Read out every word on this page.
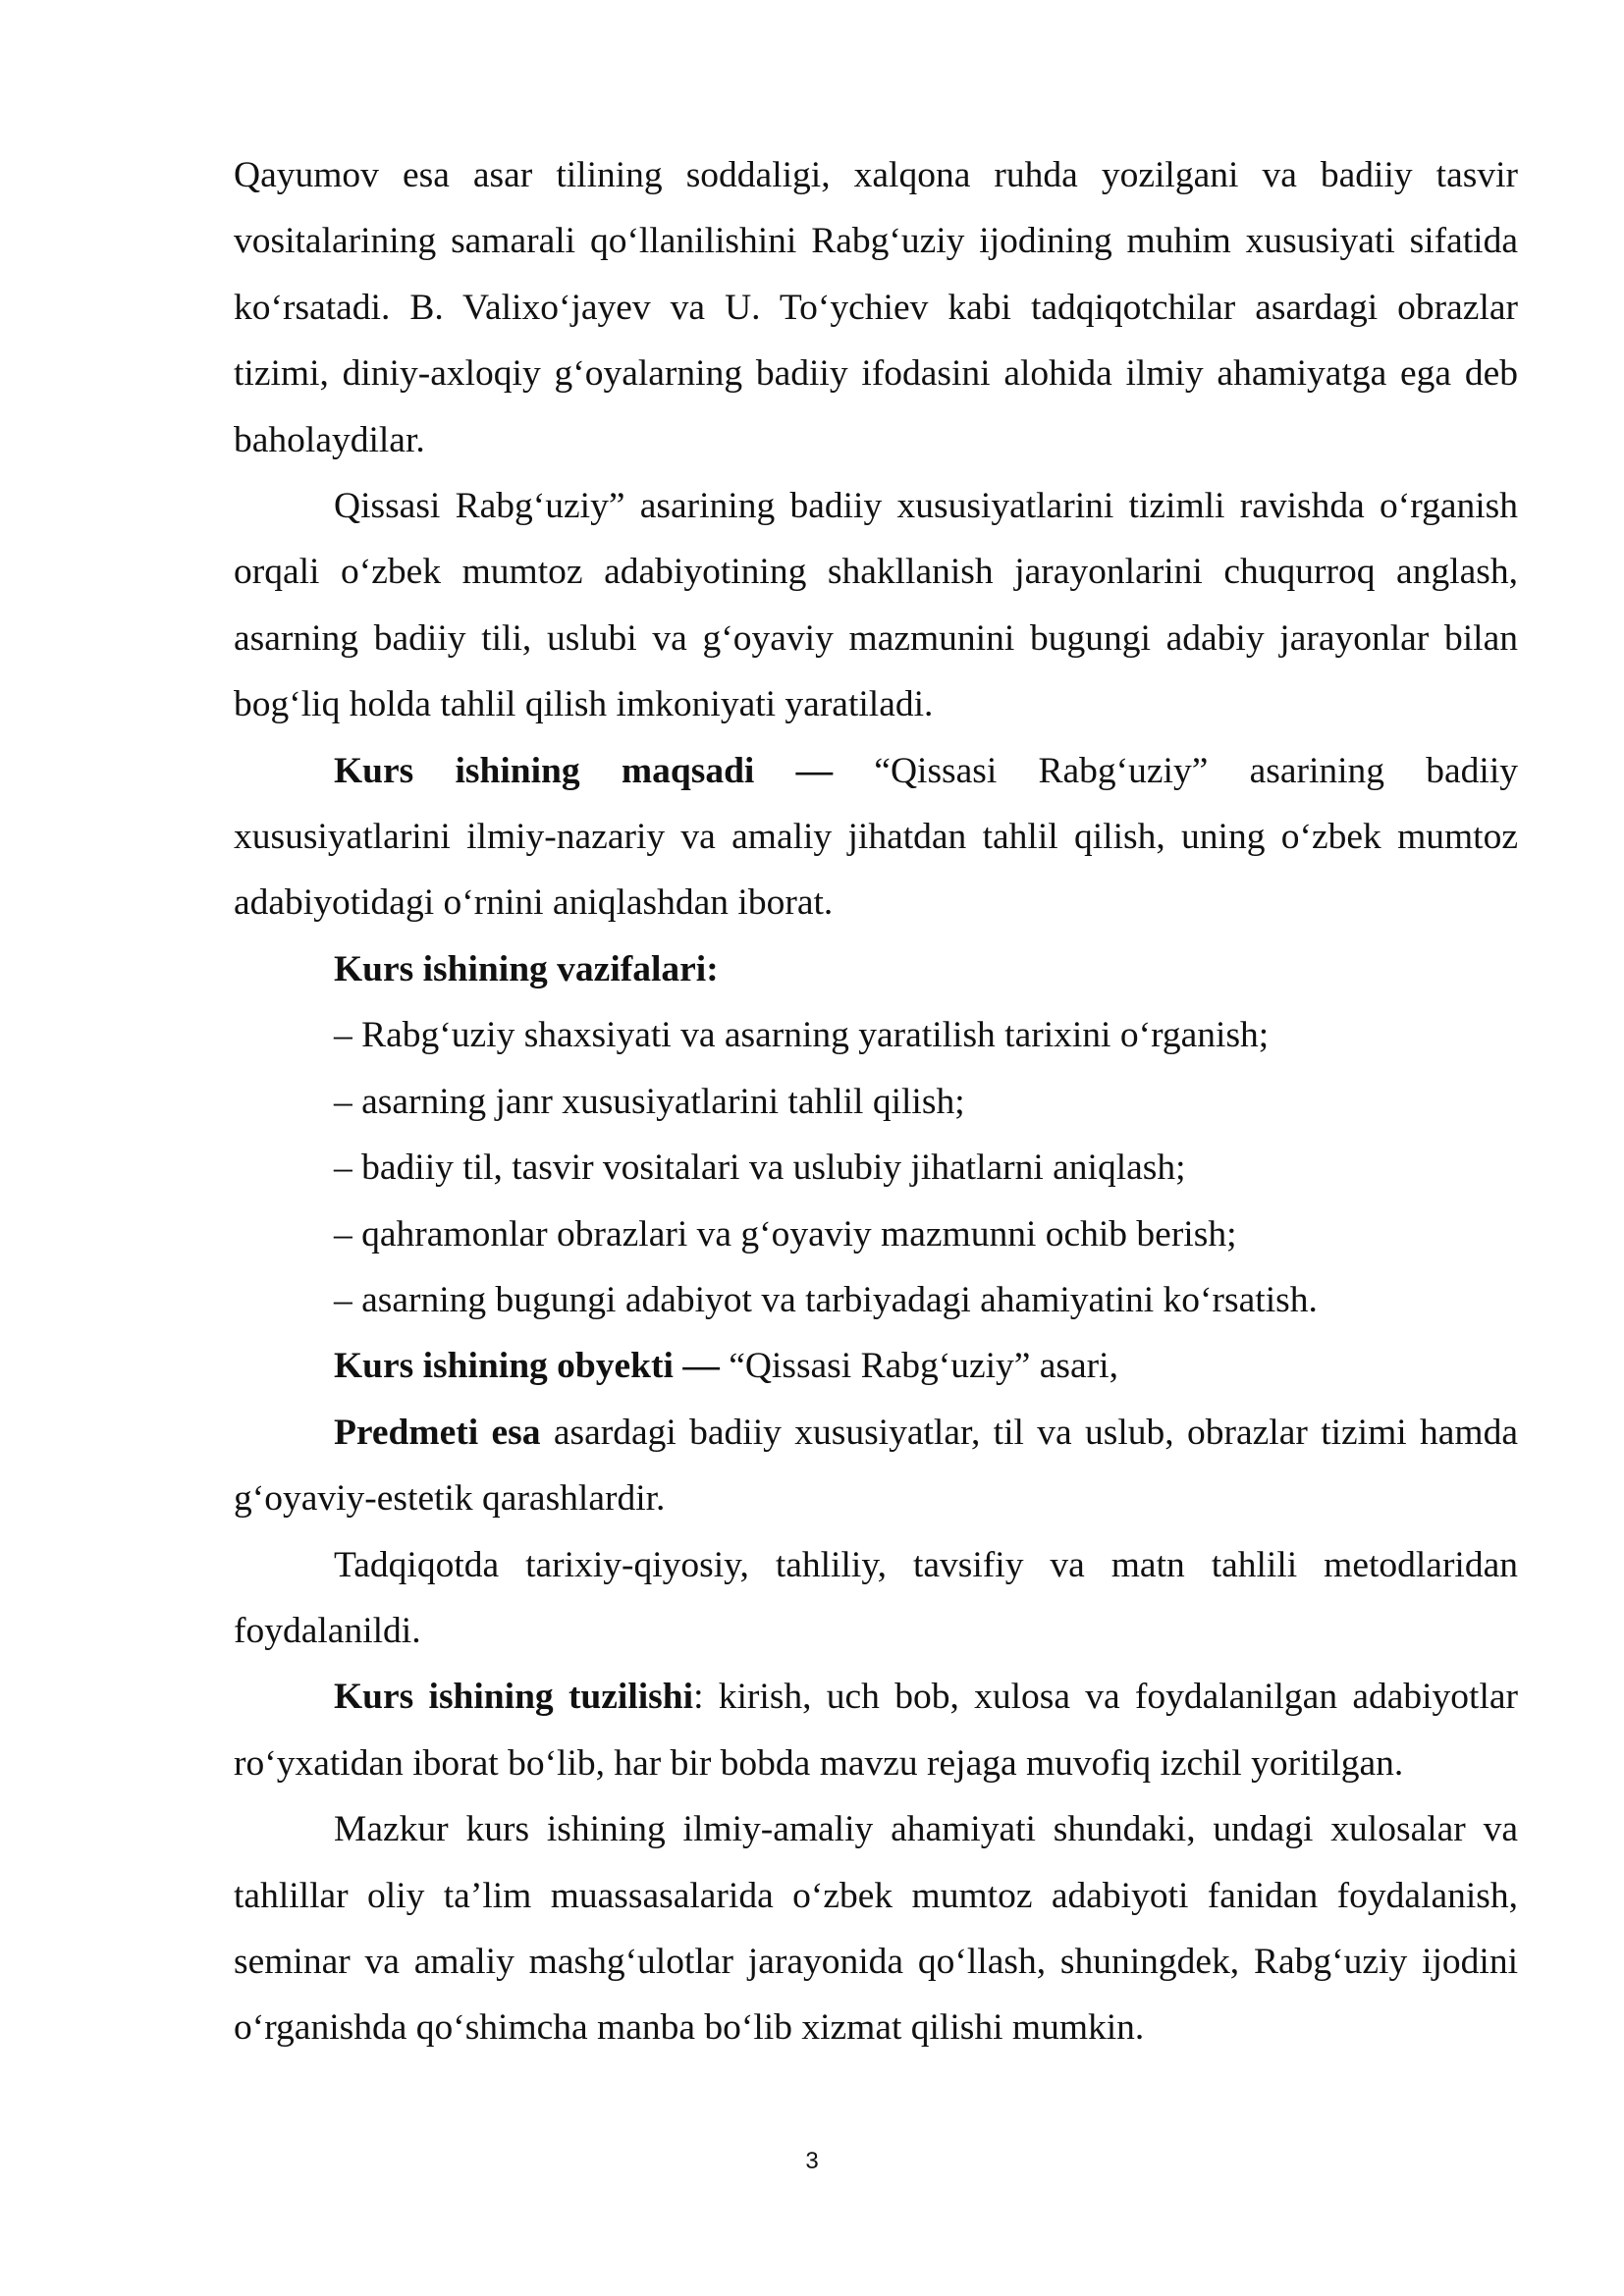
Qayumov esa asar tilining soddaligi, xalqona ruhda yozilgani va badiiy tasvir vositalarining samarali qo‘llanilishini Rabg‘uziy ijodining muhim xususiyati sifatida ko‘rsatadi. B. Valixo‘jayev va U. To‘ychiev kabi tadqiqotchilar asardagi obrazlar tizimi, diniy-axloqiy g‘oyalarning badiiy ifodasini alohida ilmiy ahamiyatga ega deb baholaydilar.

Qissasi Rabg‘uziy” asarining badiiy xususiyatlarini tizimli ravishda o‘rganish orqali o‘zbek mumtoz adabiyotining shakllanish jarayonlarini chuqurroq anglash, asarning badiiy tili, uslubi va g‘oyaviy mazmunini bugungi adabiy jarayonlar bilan bog‘liq holda tahlil qilish imkoniyati yaratiladi.

Kurs ishining maqsadi — “Qissasi Rabg‘uziy” asarining badiiy xususiyatlarini ilmiy-nazariy va amaliy jihatdan tahlil qilish, uning o‘zbek mumtoz adabiyotidagi o‘rnini aniqlashdan iborat.

Kurs ishining vazifalari:

– Rabg‘uziy shaxsiyati va asarning yaratilish tarixini o‘rganish;

– asarning janr xususiyatlarini tahlil qilish;

– badiiy til, tasvir vositalari va uslubiy jihatlarni aniqlash;

– qahramonlar obrazlari va g‘oyaviy mazmunni ochib berish;

– asarning bugungi adabiyot va tarbiyadagi ahamiyatini ko‘rsatish.

Kurs ishining obyekti — “Qissasi Rabg‘uziy” asari,

Predmeti esa asardagi badiiy xususiyatlar, til va uslub, obrazlar tizimi hamda g‘oyaviy-estetik qarashlardir.

Tadqiqotda tarixiy-qiyosiy, tahliliy, tavsifiy va matn tahlili metodlaridan foydalanildi.

Kurs ishining tuzilishi: kirish, uch bob, xulosa va foydalanilgan adabiyotlar ro‘yxatidan iborat bo‘lib, har bir bobda mavzu rejaga muvofiq izchil yoritilgan.

Mazkur kurs ishining ilmiy-amaliy ahamiyati shundaki, undagi xulosalar va tahlillar oliy ta’lim muassasalarida o‘zbek mumtoz adabiyoti fanidan foydalanish, seminar va amaliy mashg‘ulotlar jarayonida qo‘llash, shuningdek, Rabg‘uziy ijodini o‘rganishda qo‘shimcha manba bo‘lib xizmat qilishi mumkin.

3
